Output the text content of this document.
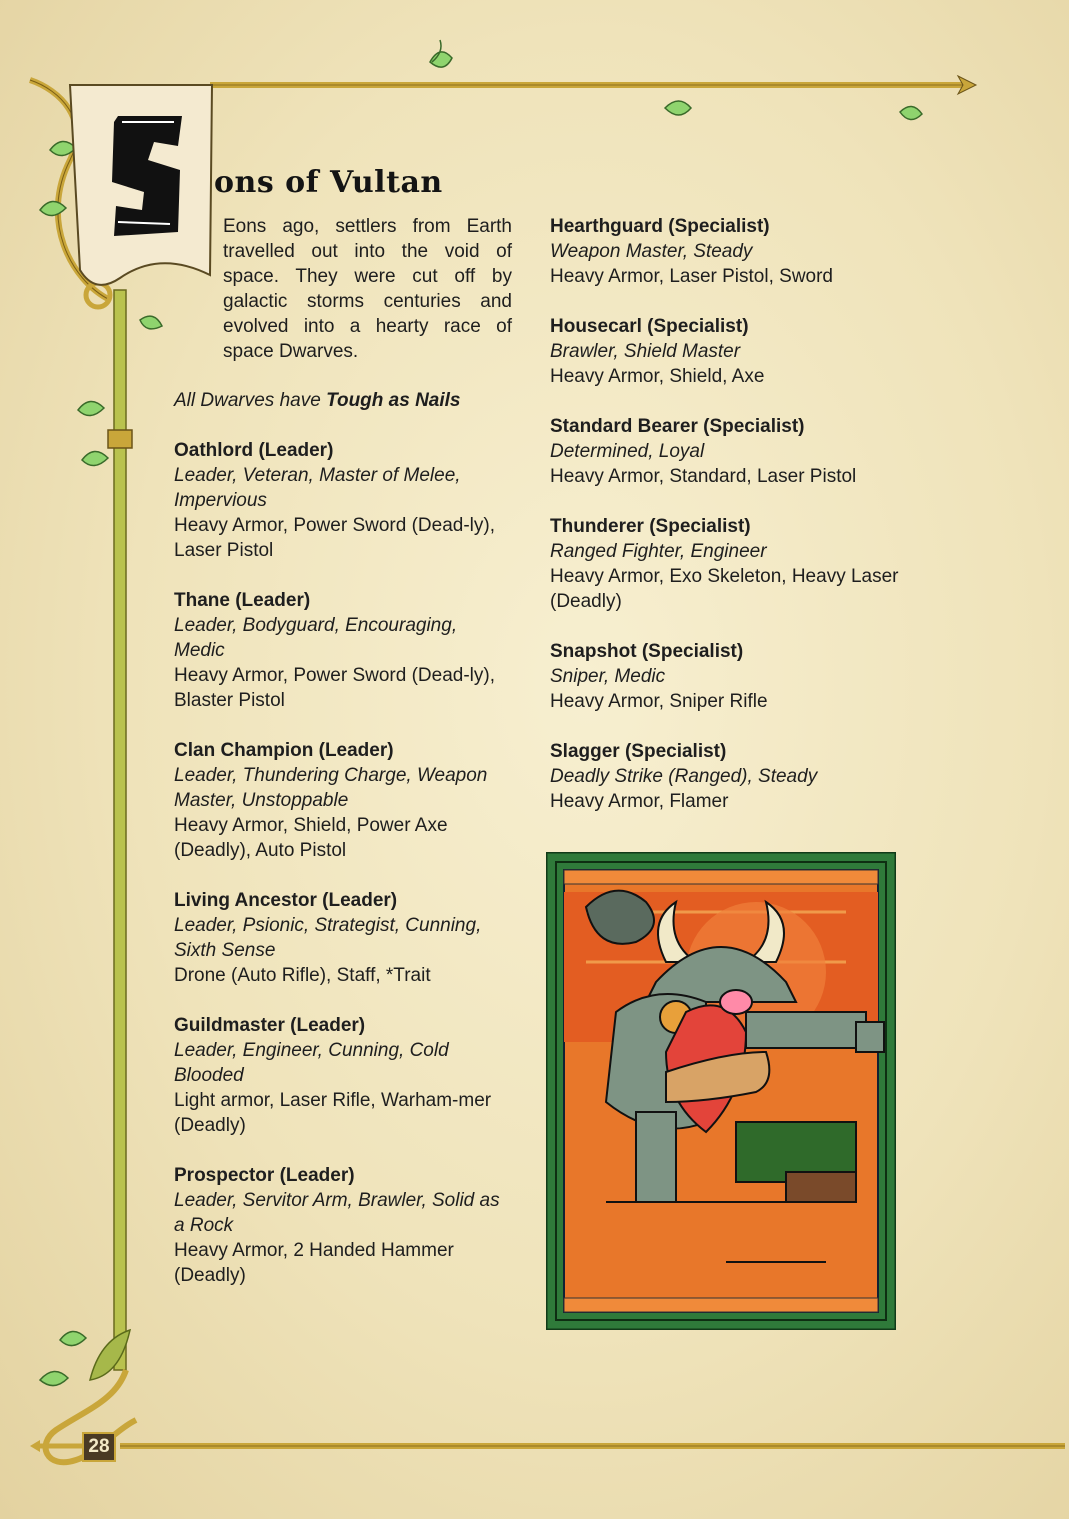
S ons of Vultan
Eons ago, settlers from Earth travelled out into the void of space. They were cut off by galactic storms centuries and evolved into a hearty race of space Dwarves.

All Dwarves have Tough as Nails

Oathlord (Leader)
Leader, Veteran, Master of Melee, Impervious
Heavy Armor, Power Sword (Dead-ly), Laser Pistol
Thane (Leader)
Leader, Bodyguard, Encouraging, Medic
Heavy Armor, Power Sword (Dead-ly), Blaster Pistol
Clan Champion (Leader)
Leader, Thundering Charge, Weapon Master, Unstoppable
Heavy Armor, Shield, Power Axe (Deadly), Auto Pistol
Living Ancestor (Leader)
Leader, Psionic, Strategist, Cunning, Sixth Sense
Drone (Auto Rifle), Staff, *Trait
Guildmaster (Leader)
Leader, Engineer, Cunning, Cold Blooded
Light armor, Laser Rifle, Warham-mer (Deadly)
Prospector (Leader)
Leader, Servitor Arm, Brawler, Solid as a Rock
Heavy Armor, 2 Handed Hammer (Deadly)
Hearthguard (Specialist)
Weapon Master, Steady
Heavy Armor, Laser Pistol, Sword
Housecarl (Specialist)
Brawler, Shield Master
Heavy Armor, Shield, Axe
Standard Bearer (Specialist)
Determined, Loyal
Heavy Armor, Standard, Laser Pistol
Thunderer (Specialist)
Ranged Fighter, Engineer
Heavy Armor, Exo Skeleton, Heavy Laser (Deadly)
Snapshot (Specialist)
Sniper, Medic
Heavy Armor, Sniper Rifle
Slagger (Specialist)
Deadly Strike (Ranged), Steady
Heavy Armor, Flamer
28
